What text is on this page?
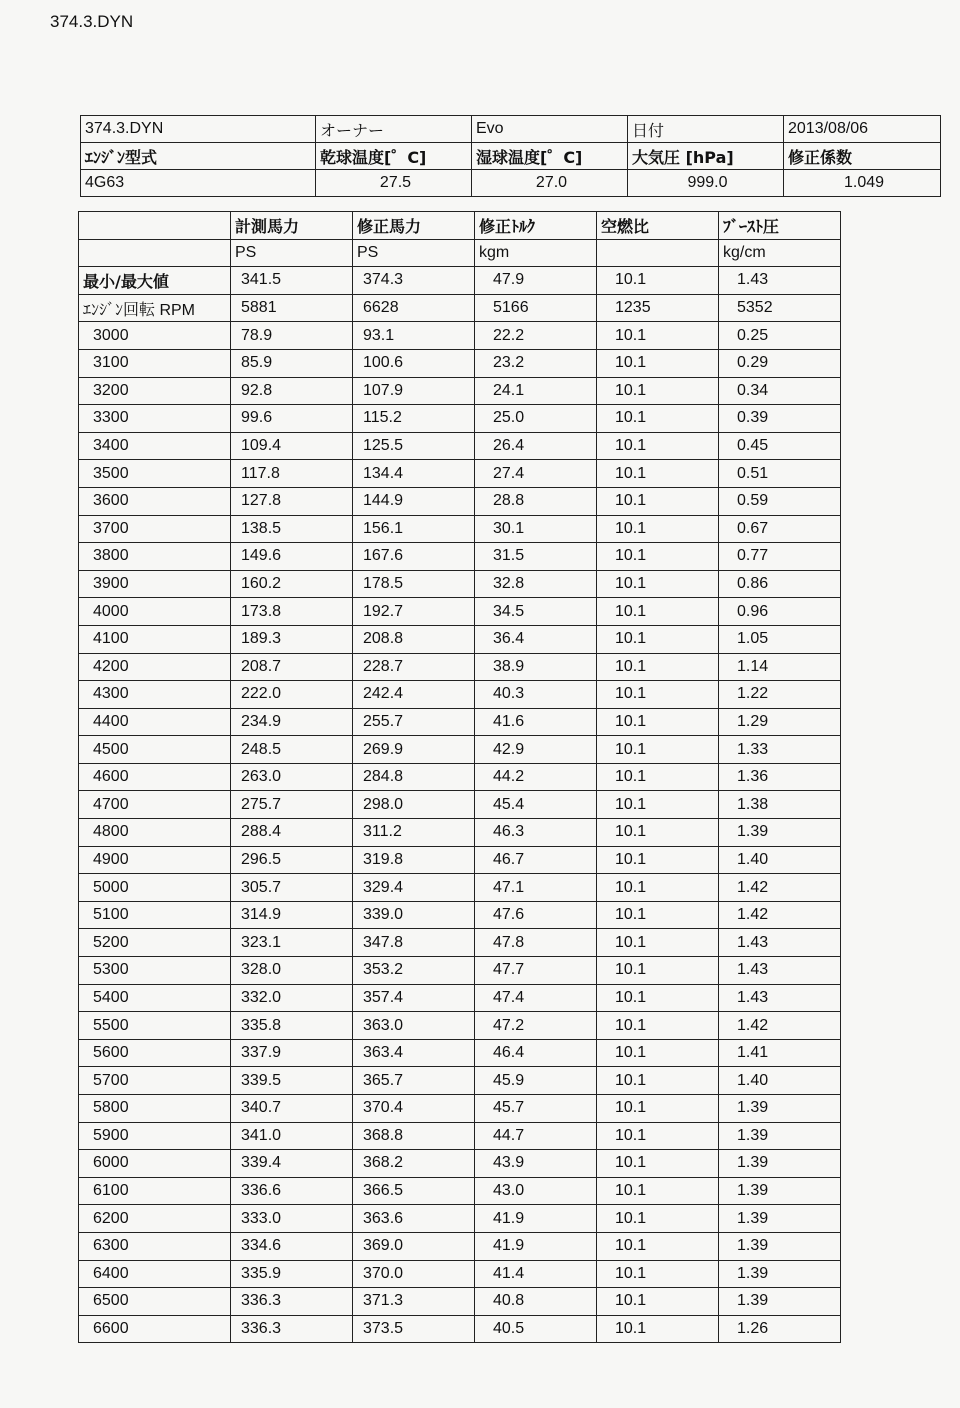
374.3.DYN
374.3.DYN	オーナー	Evo	日付	2013/08/06
ｴﾝｼﾞﾝ型式	乾球温度[゜C]	湿球温度[゜C]	大気圧 [hPa]	修正係数
4G63	27.5	27.0	999.0	1.049
	計測馬力	修正馬力	修正ﾄﾙｸ	空燃比	ﾌﾞｰｽﾄ圧
	PS	PS	kgm		kg/cm
最小/最大値	341.5	374.3	47.9	10.1	1.43
ｴﾝｼﾞﾝ回転 RPM	5881	6628	5166	1235	5352
3000	78.9	93.1	22.2	10.1	0.25
3100	85.9	100.6	23.2	10.1	0.29
3200	92.8	107.9	24.1	10.1	0.34
3300	99.6	115.2	25.0	10.1	0.39
3400	109.4	125.5	26.4	10.1	0.45
3500	117.8	134.4	27.4	10.1	0.51
3600	127.8	144.9	28.8	10.1	0.59
3700	138.5	156.1	30.1	10.1	0.67
3800	149.6	167.6	31.5	10.1	0.77
3900	160.2	178.5	32.8	10.1	0.86
4000	173.8	192.7	34.5	10.1	0.96
4100	189.3	208.8	36.4	10.1	1.05
4200	208.7	228.7	38.9	10.1	1.14
4300	222.0	242.4	40.3	10.1	1.22
4400	234.9	255.7	41.6	10.1	1.29
4500	248.5	269.9	42.9	10.1	1.33
4600	263.0	284.8	44.2	10.1	1.36
4700	275.7	298.0	45.4	10.1	1.38
4800	288.4	311.2	46.3	10.1	1.39
4900	296.5	319.8	46.7	10.1	1.40
5000	305.7	329.4	47.1	10.1	1.42
5100	314.9	339.0	47.6	10.1	1.42
5200	323.1	347.8	47.8	10.1	1.43
5300	328.0	353.2	47.7	10.1	1.43
5400	332.0	357.4	47.4	10.1	1.43
5500	335.8	363.0	47.2	10.1	1.42
5600	337.9	363.4	46.4	10.1	1.41
5700	339.5	365.7	45.9	10.1	1.40
5800	340.7	370.4	45.7	10.1	1.39
5900	341.0	368.8	44.7	10.1	1.39
6000	339.4	368.2	43.9	10.1	1.39
6100	336.6	366.5	43.0	10.1	1.39
6200	333.0	363.6	41.9	10.1	1.39
6300	334.6	369.0	41.9	10.1	1.39
6400	335.9	370.0	41.4	10.1	1.39
6500	336.3	371.3	40.8	10.1	1.39
6600	336.3	373.5	40.5	10.1	1.26
